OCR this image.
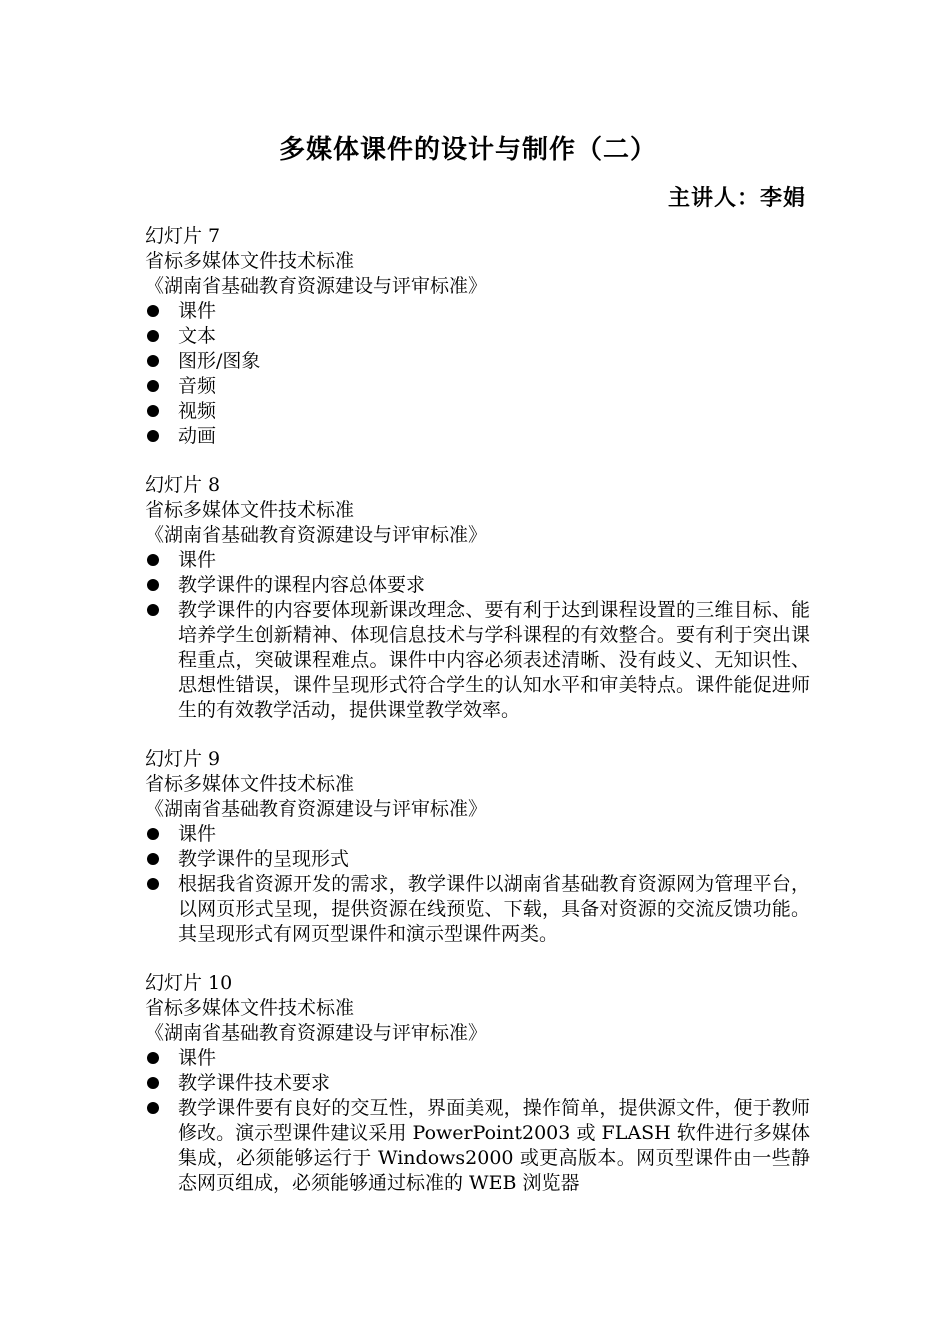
多媒体课件的设计与制作（二）
主讲人：李娟
幻灯片 7
省标多媒体文件技术标准
《湖南省基础教育资源建设与评审标准》
课件
文本
图形/图象
音频
视频
动画
幻灯片 8
省标多媒体文件技术标准
《湖南省基础教育资源建设与评审标准》
课件
教学课件的课程内容总体要求
教学课件的内容要体现新课改理念、要有利于达到课程设置的三维目标、能培养学生创新精神、体现信息技术与学科课程的有效整合。要有利于突出课程重点，突破课程难点。课件中内容必须表述清晰、没有歧义、无知识性、思想性错误，课件呈现形式符合学生的认知水平和审美特点。课件能促进师生的有效教学活动，提供课堂教学效率。
幻灯片 9
省标多媒体文件技术标准
《湖南省基础教育资源建设与评审标准》
课件
教学课件的呈现形式
根据我省资源开发的需求，教学课件以湖南省基础教育资源网为管理平台，以网页形式呈现，提供资源在线预览、下载，具备对资源的交流反馈功能。其呈现形式有网页型课件和演示型课件两类。
幻灯片 10
省标多媒体文件技术标准
《湖南省基础教育资源建设与评审标准》
课件
教学课件技术要求
教学课件要有良好的交互性，界面美观，操作简单，提供源文件，便于教师修改。演示型课件建议采用 PowerPoint2003 或 FLASH 软件进行多媒体集成，必须能够运行于 Windows2000 或更高版本。网页型课件由一些静态网页组成，必须能够通过标准的 WEB 浏览器
